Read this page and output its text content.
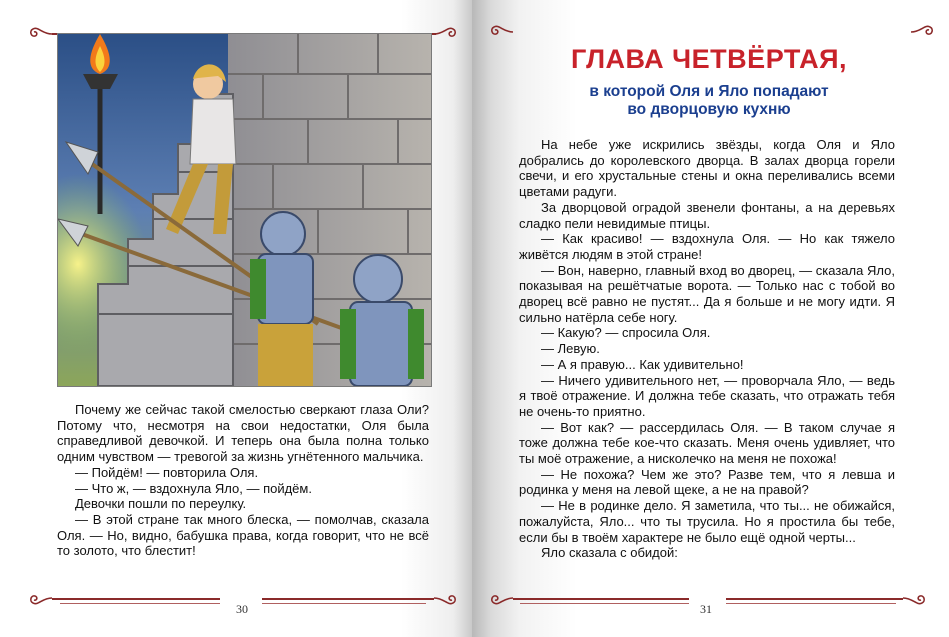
Почему же сейчас такой смелостью сверкают глаза Оли? Потому что, несмотря на свои недостатки, Оля была справедливой девочкой. И теперь она была полна только одним чувством — тревогой за жизнь угнётенного мальчика.

— Пойдём! — повторила Оля.

— Что ж, — вздохнула Яло, — пойдём.

Девочки пошли по переулку.

— В этой стране так много блеска, — помолчав, сказала Оля. — Но, видно, бабушка права, когда говорит, что не всё то золото, что блестит!

30
ГЛАВА ЧЕТВЁРТАЯ,
в которой Оля и Яло попадают
во дворцовую кухню

На небе уже искрились звёзды, когда Оля и Яло добрались до королевского дворца. В залах дворца горели свечи, и его хрустальные стены и окна переливались всеми цветами радуги.

За дворцовой оградой звенели фонтаны, а на деревьях сладко пели невидимые птицы.

— Как красиво! — вздохнула Оля. — Но как тяжело живётся людям в этой стране!

— Вон, наверно, главный вход во дворец, — сказала Яло, показывая на решётчатые ворота. — Только нас с тобой во дворец всё равно не пустят... Да я больше и не могу идти. Я сильно натёрла себе ногу.

— Какую? — спросила Оля.

— Левую.

— А я правую... Как удивительно!

— Ничего удивительного нет, — проворчала Яло, — ведь я твоё отражение. И должна тебе сказать, что отражать тебя не очень-то приятно.

— Вот как? — рассердилась Оля. — В таком случае я тоже должна тебе кое-что сказать. Меня очень удивляет, что ты моё отражение, а нисколечко на меня не похожа!

— Не похожа? Чем же это? Разве тем, что я левша и родинка у меня на левой щеке, а не на правой?

— Не в родинке дело. Я заметила, что ты... не обижайся, пожалуйста, Яло... что ты трусила. Но я простила бы тебе, если бы в твоём характере не было ещё одной черты...

Яло сказала с обидой:

31
